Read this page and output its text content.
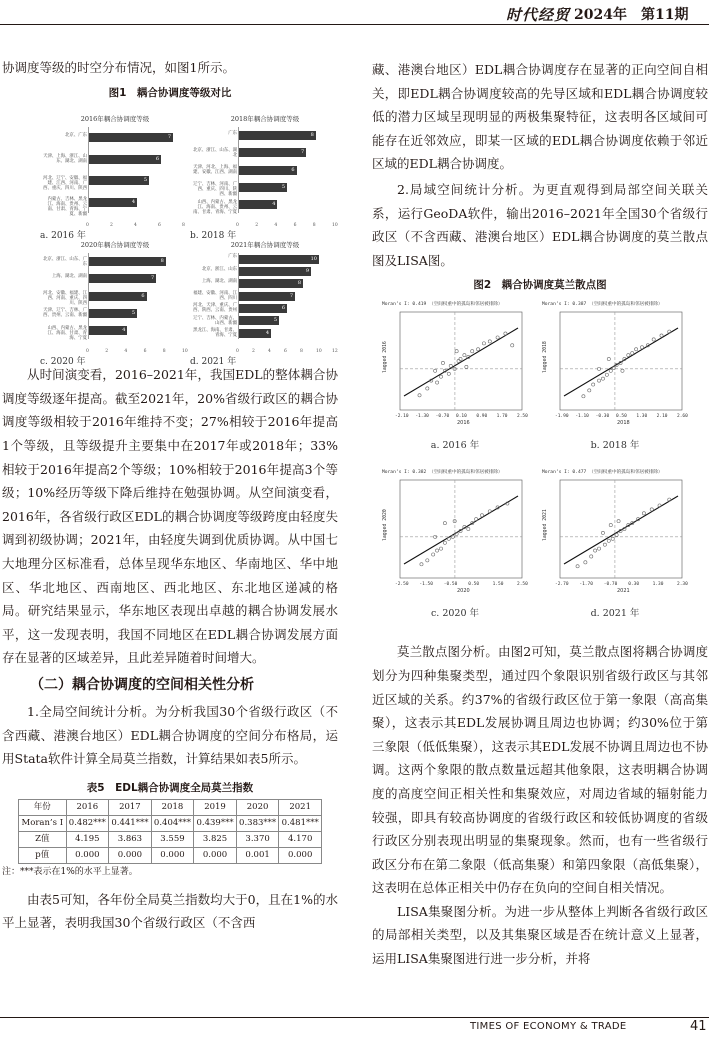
时代经贸 2024年　第11期

协调度等级的时空分布情况，如图1所示。

图1　耦合协调度等级对比
2016年耦合协调度等级
7
北京、广东
6
天津、上海、浙江、山东、湖北、湖南
5
河北、辽宁、安徽、福建、江西、河南、广西、重庆、四川、陕西
4
内蒙古、吉林、黑龙江、海南、贵州、云南、甘肃、青海、宁夏、新疆
0	2	4	6	8
a. 2016 年
2018年耦合协调度等级
8
广东
7
北京、浙江、山东、湖北
6
天津、河北、上海、福建、安徽、江西、湖南
5
辽宁、吉林、河南、广西、重庆、四川、陕西、新疆
4
山西、内蒙古、黑龙江、海南、贵州、云南、甘肃、青海、宁夏
0	2	4	6	8	10
b. 2018 年
2020年耦合协调度等级
8
北京、浙江、山东、广东
7
上海、湖北、湖南
6
河北、安徽、福建、江西、河南、重庆、四川、陕西
5
天津、辽宁、吉林、广西、贵州、云南、新疆
4
山西、内蒙古、黑龙江、海南、甘肃、青海、宁夏
0	2	4	6	8	10
c. 2020 年
2021年耦合协调度等级
10
广东
9
北京、浙江、山东
8
上海、湖北、湖南
7
福建、安徽、河南、江西、四川
6
河北、天津、重庆、广西、陕西、云南、贵州
5
辽宁、吉林、内蒙古、山西、新疆
4
黑龙江、海南、甘肃、青海、宁夏
0	2	4	6	8	10 12
d. 2021 年

从时间演变看，2016–2021年，我国EDL的整体耦合协调度等级逐年提高。截至2021年，20%省级行政区的耦合协调度等级相较于2016年维持不变；27%相较于2016年提高1个等级，且等级提升主要集中在2017年或2018年；33%相较于2016年提高2个等级；10%相较于2016年提高3个等级；10%经历等级下降后维持在勉强协调。从空间演变看，2016年，各省级行政区EDL的耦合协调度等级跨度由轻度失调到初级协调；2021年，由轻度失调到优质协调。从中国七大地理分区标准看，总体呈现华东地区、华南地区、华中地区、华北地区、西南地区、西北地区、东北地区递减的格局。研究结果显示，华东地区表现出卓越的耦合协调发展水平，这一发现表明，我国不同地区在EDL耦合协调发展方面存在显著的区域差异，且此差异随着时间增大。

（二）耦合协调度的空间相关性分析

1.全局空间统计分析。为分析我国30个省级行政区（不含西藏、港澳台地区）EDL耦合协调度的空间分布格局，运用Stata软件计算全局莫兰指数，计算结果如表5所示。

表5　EDL耦合协调度全局莫兰指数
年份	2016	2017	2018	2019	2020	2021
Moran’s I	0.482***	0.441***	0.404***	0.439***	0.383***	0.481***
Z值	4.195	3.863	3.559	3.825	3.370	4.170
p值	0.000	0.000	0.000	0.000	0.001	0.000
注：***表示在1%的水平上显著。

由表5可知，各年份全局莫兰指数均大于0，且在1%的水平上显著，表明我国30个省级行政区（不含西

藏、港澳台地区）EDL耦合协调度存在显著的正向空间自相关，即EDL耦合协调度较高的先导区域和EDL耦合协调度较低的潜力区域呈现明显的两极集聚特征，这表明各区域间可能存在近邻效应，即某一区域的EDL耦合协调度依赖于邻近区域的EDL耦合协调度。

2.局域空间统计分析。为更直观得到局部空间关联关系，运行GeoDA软件，输出2016–2021年全国30个省级行政区（不含西藏、港澳台地区）EDL耦合协调度的莫兰散点图及LISA图。

图2　耦合协调度莫兰散点图
Moran’s I: 0.419 （空间权重中的孤岛和邻居被排除）
-2.10 -1.30 -0.70 0.10 0.90 1.70 2.50
2016
lagged 2016
a. 2016 年
Moran’s I: 0.387 （空间权重中的孤岛和邻居被排除）
-1.90 -1.10 -0.30 0.50 1.30 2.10 2.60
2018
lagged 2018
b. 2018 年
Moran’s I: 0.382 （空间权重中的孤岛和邻居被排除）
-2.50 -1.50 -0.50 0.50	1.50	2.50
2020
lagged 2020
c. 2020 年
Moran’s I: 0.477 （空间权重中的孤岛和邻居被排除）
-2.70 -1.70 -0.70 0.30	1.30	2.30
2021
lagged 2021
d. 2021 年

莫兰散点图分析。由图2可知，莫兰散点图将耦合协调度划分为四种集聚类型，通过四个象限识别省级行政区与其邻近区域的关系。约37%的省级行政区位于第一象限（高高集聚），这表示其EDL发展协调且周边也协调；约30%位于第三象限（低低集聚），这表示其EDL发展不协调且周边也不协调。这两个象限的散点数量远超其他象限，这表明耦合协调度的高度空间正相关性和集聚效应，对周边省域的辐射能力较强，即具有较高协调度的省级行政区和较低协调度的省级行政区分别表现出明显的集聚现象。然而，也有一些省级行政区分布在第二象限（低高集聚）和第四象限（高低集聚），这表明在总体正相关中仍存在负向的空间自相关情况。

LISA集聚图分析。为进一步从整体上判断各省级行政区的局部相关类型，以及其集聚区域是否在统计意义上显著，运用LISA集聚图进行进一步分析，并将

TIMES OF ECONOMY & TRADE	41
